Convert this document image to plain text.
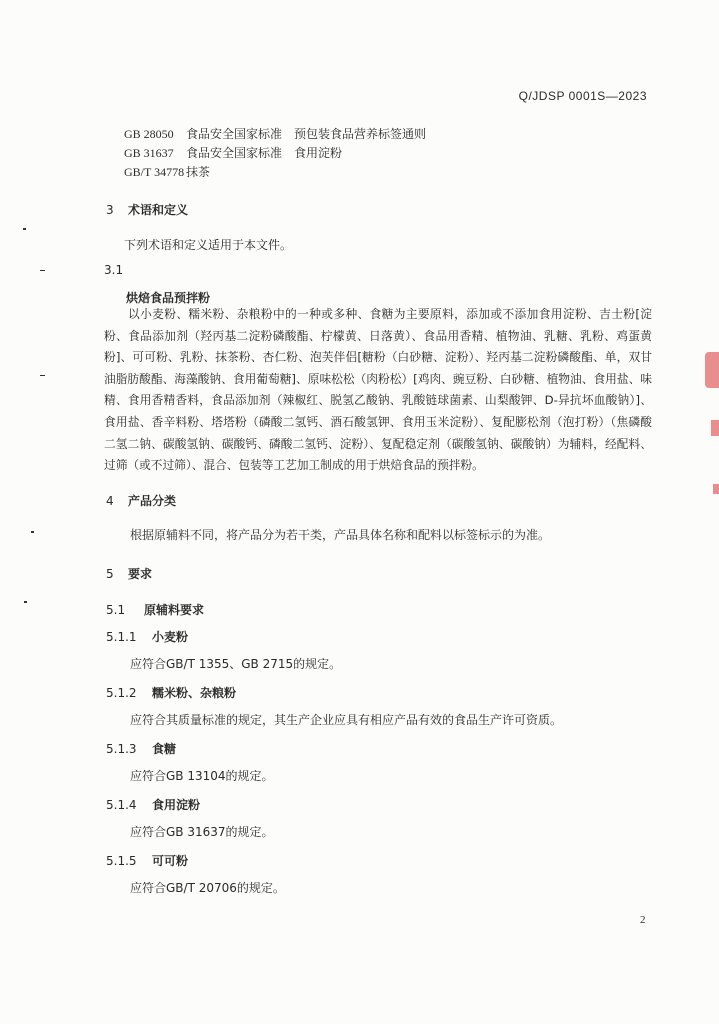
Q/JDSP 0001S—2023
GB 28050 食品安全国家标准　预包装食品营养标签通则
GB 31637 食品安全国家标准　食用淀粉
GB/T 34778 抹茶
3 术语和定义
下列术语和定义适用于本文件。
3.1
烘焙食品预拌粉
以小麦粉、糯米粉、杂粮粉中的一种或多种、食糖为主要原料，添加或不添加食用淀粉、吉士粉[淀粉、食品添加剂（羟丙基二淀粉磷酸酯、柠檬黄、日落黄）、食品用香精、植物油、乳糖、乳粉、鸡蛋黄粉]、可可粉、乳粉、抹茶粉、杏仁粉、泡芙伴侣[糖粉（白砂糖、淀粉）、羟丙基二淀粉磷酸酯、单，双甘油脂肪酸酯、海藻酸钠、食用葡萄糖]、原味松松（肉粉松）[鸡肉、豌豆粉、白砂糖、植物油、食用盐、味精、食用香精香料，食品添加剂（辣椒红、脱氢乙酸钠、乳酸链球菌素、山梨酸钾、D-异抗坏血酸钠）]、食用盐、香辛料粉、塔塔粉（磷酸二氢钙、酒石酸氢钾、食用玉米淀粉）、复配膨松剂（泡打粉）（焦磷酸二氢二钠、碳酸氢钠、碳酸钙、磷酸二氢钙、淀粉）、复配稳定剂（碳酸氢钠、碳酸钠）为辅料，经配料、过筛（或不过筛）、混合、包装等工艺加工制成的用于烘焙食品的预拌粉。
4 产品分类
根据原辅料不同，将产品分为若干类，产品具体名称和配料以标签标示的为准。
5 要求
5.1 原辅料要求
5.1.1 小麦粉
应符合GB/T 1355、GB 2715的规定。
5.1.2 糯米粉、杂粮粉
应符合其质量标准的规定，其生产企业应具有相应产品有效的食品生产许可资质。
5.1.3 食糖
应符合GB 13104的规定。
5.1.4 食用淀粉
应符合GB 31637的规定。
5.1.5 可可粉
应符合GB/T 20706的规定。
2
